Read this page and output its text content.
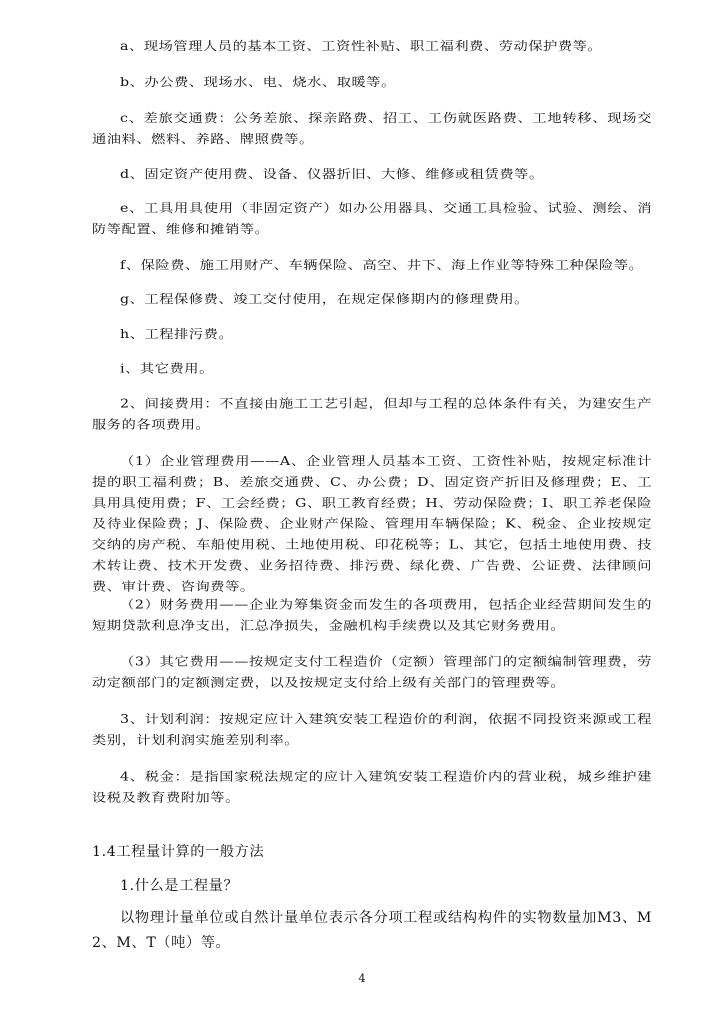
a、现场管理人员的基本工资、工资性补贴、职工福利费、劳动保护费等。

b、办公费、现场水、电、烧水、取暖等。

c、差旅交通费：公务差旅、探亲路费、招工、工伤就医路费、工地转移、现场交通油料、燃料、养路、牌照费等。

d、固定资产使用费、设备、仪器折旧、大修、维修或租赁费等。

e、工具用具使用（非固定资产）如办公用器具、交通工具检验、试验、测绘、消防等配置、维修和摊销等。

f、保险费、施工用财产、车辆保险、高空、井下、海上作业等特殊工种保险等。

g、工程保修费、竣工交付使用，在规定保修期内的修理费用。

h、工程排污费。

i、其它费用。

2、间接费用：不直接由施工工艺引起，但却与工程的总体条件有关，为建安生产服务的各项费用。

（1）企业管理费用——A、企业管理人员基本工资、工资性补贴，按规定标准计提的职工福利费；B、差旅交通费、C、办公费；D、固定资产折旧及修理费；E、工具用具使用费；F、工会经费；G、职工教育经费；H、劳动保险费；I、职工养老保险及待业保险费；J、保险费、企业财产保险、管理用车辆保险；K、税金、企业按规定交纳的房产税、车船使用税、土地使用税、印花税等；L、其它，包括土地使用费、技术转让费、技术开发费、业务招待费、排污费、绿化费、广告费、公证费、法律顾问费、审计费、咨询费等。

（2）财务费用——企业为筹集资金而发生的各项费用，包括企业经营期间发生的短期贷款利息净支出，汇总净损失，金融机构手续费以及其它财务费用。

（3）其它费用——按规定支付工程造价（定额）管理部门的定额编制管理费，劳动定额部门的定额测定费，以及按规定支付给上级有关部门的管理费等。

3、计划利润：按规定应计入建筑安装工程造价的利润，依据不同投资来源或工程类别，计划利润实施差别利率。

4、税金：是指国家税法规定的应计入建筑安装工程造价内的营业税，城乡维护建设税及教育费附加等。

1.4工程量计算的一般方法

1.什么是工程量？

以物理计量单位或自然计量单位表示各分项工程或结构构件的实物数量加M3、M2、M、T（吨）等。

4
